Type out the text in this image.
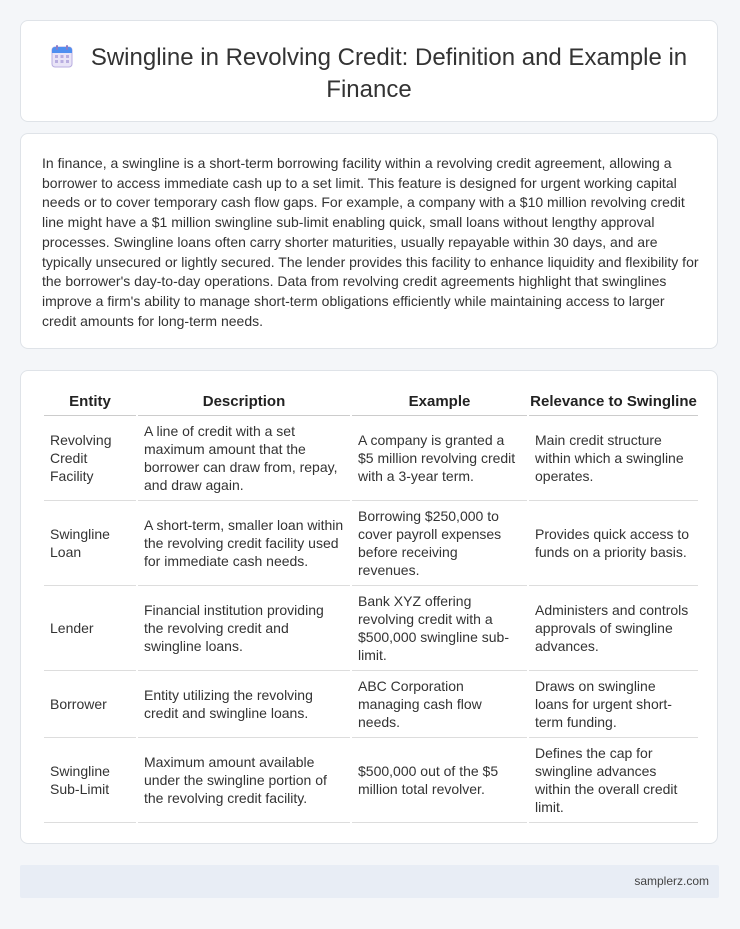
Swingline in Revolving Credit: Definition and Example in Finance

In finance, a swingline is a short-term borrowing facility within a revolving credit agreement, allowing a borrower to access immediate cash up to a set limit. This feature is designed for urgent working capital needs or to cover temporary cash flow gaps. For example, a company with a $10 million revolving credit line might have a $1 million swingline sub-limit enabling quick, small loans without lengthy approval processes. Swingline loans often carry shorter maturities, usually repayable within 30 days, and are typically unsecured or lightly secured. The lender provides this facility to enhance liquidity and flexibility for the borrower's day-to-day operations. Data from revolving credit agreements highlight that swinglines improve a firm's ability to manage short-term obligations efficiently while maintaining access to larger credit amounts for long-term needs.

Entity	Description	Example	Relevance to Swingline
Revolving Credit Facility	A line of credit with a set maximum amount that the borrower can draw from, repay, and draw again.	A company is granted a $5 million revolving credit with a 3-year term.	Main credit structure within which a swingline operates.
Swingline Loan	A short-term, smaller loan within the revolving credit facility used for immediate cash needs.	Borrowing $250,000 to cover payroll expenses before receiving revenues.	Provides quick access to funds on a priority basis.
Lender	Financial institution providing the revolving credit and swingline loans.	Bank XYZ offering revolving credit with a $500,000 swingline sub-limit.	Administers and controls approvals of swingline advances.
Borrower	Entity utilizing the revolving credit and swingline loans.	ABC Corporation managing cash flow needs.	Draws on swingline loans for urgent short-term funding.
Swingline Sub-Limit	Maximum amount available under the swingline portion of the revolving credit facility.	$500,000 out of the $5 million total revolver.	Defines the cap for swingline advances within the overall credit limit.
samplerz.com
